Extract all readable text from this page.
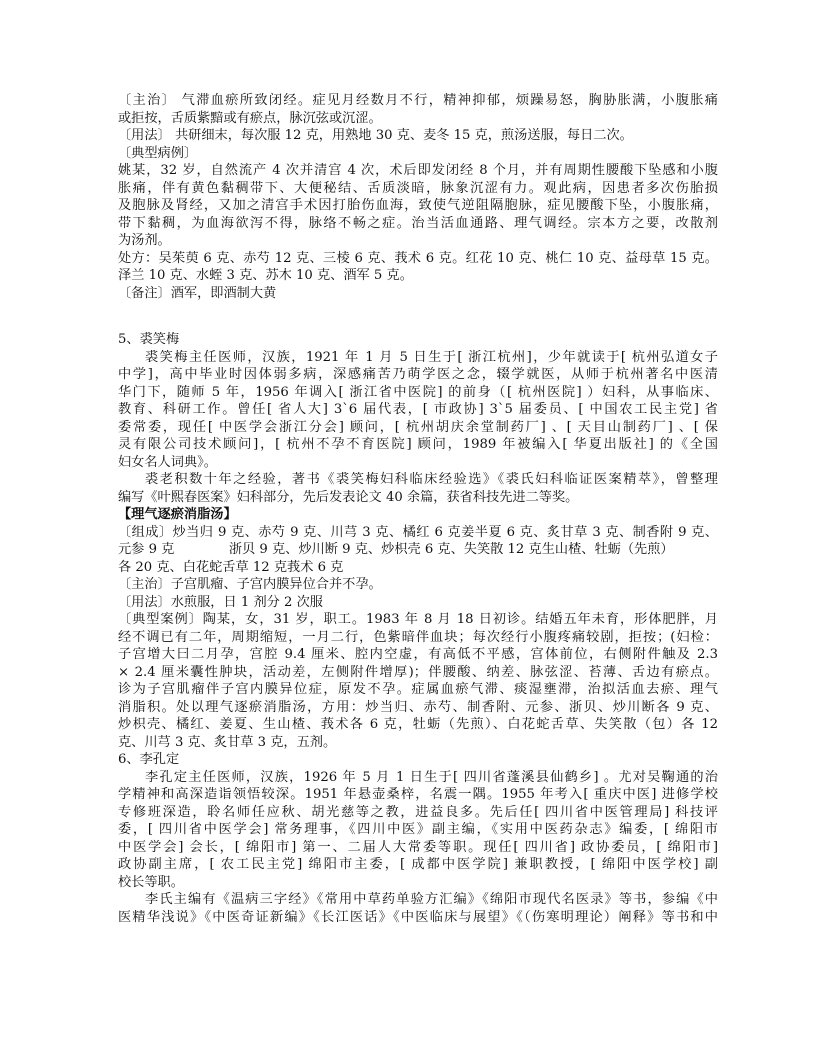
〔主治〕 气滞血瘀所致闭经。症见月经数月不行，精神抑郁，烦躁易怒，胸胁胀满，小腹胀痛
或拒按，舌质紫黯或有瘀点，脉沉弦或沉涩。
〔用法〕 共研细末，每次服 12 克，用熟地 30 克、麦冬 15 克，煎汤送服，每日二次。
〔典型病例〕
姚某，32 岁，自然流产 4 次并清宫 4 次，术后即发闭经 8 个月，并有周期性腰酸下坠感和小腹
胀痛，伴有黄色黏稠带下、大便秘结、舌质淡暗，脉象沉涩有力。观此病，因患者多次伤胎损
及胞脉及肾经，又加之清宫手术因打胎伤血海，致使气逆阻隔胞脉，症见腰酸下坠，小腹胀痛，
带下黏稠，为血海欲泻不得，脉络不畅之症。治当活血通路、理气调经。宗本方之要，改散剂
为汤剂。
处方：吴茱萸 6 克、赤芍 12 克、三棱 6 克、莪术 6 克。红花 10 克、桃仁 10 克、益母草 15 克。
泽兰 10 克、水蛭 3 克、苏木 10 克、酒军 5 克。
〔备注〕酒军，即酒制大黄
5、裘笑梅
裘笑梅主任医师，汉族，1921 年 1 月 5 日生于[ 浙江杭州]，少年就读于[ 杭州弘道女子
中学]，高中毕业时因体弱多病，深感痛苦乃萌学医之念，辍学就医，从师于杭州著名中医清
华门下，随师 5 年，1956 年调入[ 浙江省中医院] 的前身（[ 杭州医院] ）妇科，从事临床、
教育、科研工作。曾任[ 省人大] 3`6 届代表，[ 市政协] 3`5 届委员、[ 中国农工民主党] 省
委常委，现任[ 中医学会浙江分会] 顾问，[ 杭州胡庆余堂制药厂] 、[ 天目山制药厂] 、[ 保
灵有限公司技术顾问]，[ 杭州不孕不育医院] 顾问，1989 年被编入[ 华夏出版社] 的《全国
妇女名人词典》。
裘老积数十年之经验，著书《裘笑梅妇科临床经验选》《裘氏妇科临证医案精萃》，曾整理
编写《叶熙春医案》妇科部分，先后发表论文 40 余篇，获省科技先进二等奖。
【理气逐瘀消脂汤】
〔组成〕炒当归 9 克、赤芍 9 克、川芎 3 克、橘红 6 克姜半夏 6 克、炙甘草 3 克、制香附 9 克、
元参 9 克             浙贝 9 克、炒川断 9 克、炒枳壳 6 克、失笑散 12 克生山楂、牡蛎（先煎）
各 20 克、白花蛇舌草 12 克莪术 6 克
〔主治〕子宫肌瘤、子宫内膜异位合并不孕。
〔用法〕水煎服，日 1 剂分 2 次服
〔典型案例〕陶某，女，31 岁，职工。1983 年 8 月 18 日初诊。结婚五年未育，形体肥胖，月
经不调已有二年，周期缩短，一月二行，色紫暗伴血块；每次经行小腹疼痛较剧，拒按；(妇检：
子宫增大曰二月孕，宫腔 9.4 厘米、腔内空虚，有高低不平感，宫体前位，右侧附件触及 2.3
× 2.4 厘米囊性肿块，活动差，左侧附件增厚)；伴腰酸、纳差、脉弦涩、苔薄、舌边有瘀点。
诊为子宫肌瘤伴子宫内膜异位症，原发不孕。症属血瘀气滞、痰湿壅滞，治拟活血去瘀、理气
消脂积。处以理气逐瘀消脂汤，方用：炒当归、赤芍、制香附、元参、浙贝、炒川断各 9 克、
炒枳壳、橘红、姜夏、生山楂、莪术各 6 克，牡蛎（先煎）、白花蛇舌草、失笑散（包）各 12
克、川芎 3 克、炙甘草 3 克，五剂。
6、李孔定
李孔定主任医师，汉族，1926 年 5 月 1 日生于[ 四川省蓬溪县仙鹤乡] 。尤对吴鞠通的治
学精神和高深造诣领悟较深。1951 年悬壶桑梓，名震一隅。1955 年考入[ 重庆中医] 进修学校
专修班深造，聆名师任应秋、胡光慈等之教，进益良多。先后任[ 四川省中医管理局] 科技评
委，[ 四川省中医学会] 常务理事，《四川中医》副主编，《实用中医药杂志》编委，[ 绵阳市
中医学会] 会长，[ 绵阳市] 第一、二届人大常委等职。现任[ 四川省] 政协委员，[ 绵阳市]
政协副主席，[ 农工民主党] 绵阳市主委，[ 成都中医学院] 兼职教授，[ 绵阳中医学校] 副
校长等职。
李氏主编有《温病三字经》《常用中草药单验方汇编》《绵阳市现代名医录》等书，参编《中
医精华浅说》《中医奇证新编》《长江医话》《中医临床与展望》《（伤寒明理论）阐释》等书和中
